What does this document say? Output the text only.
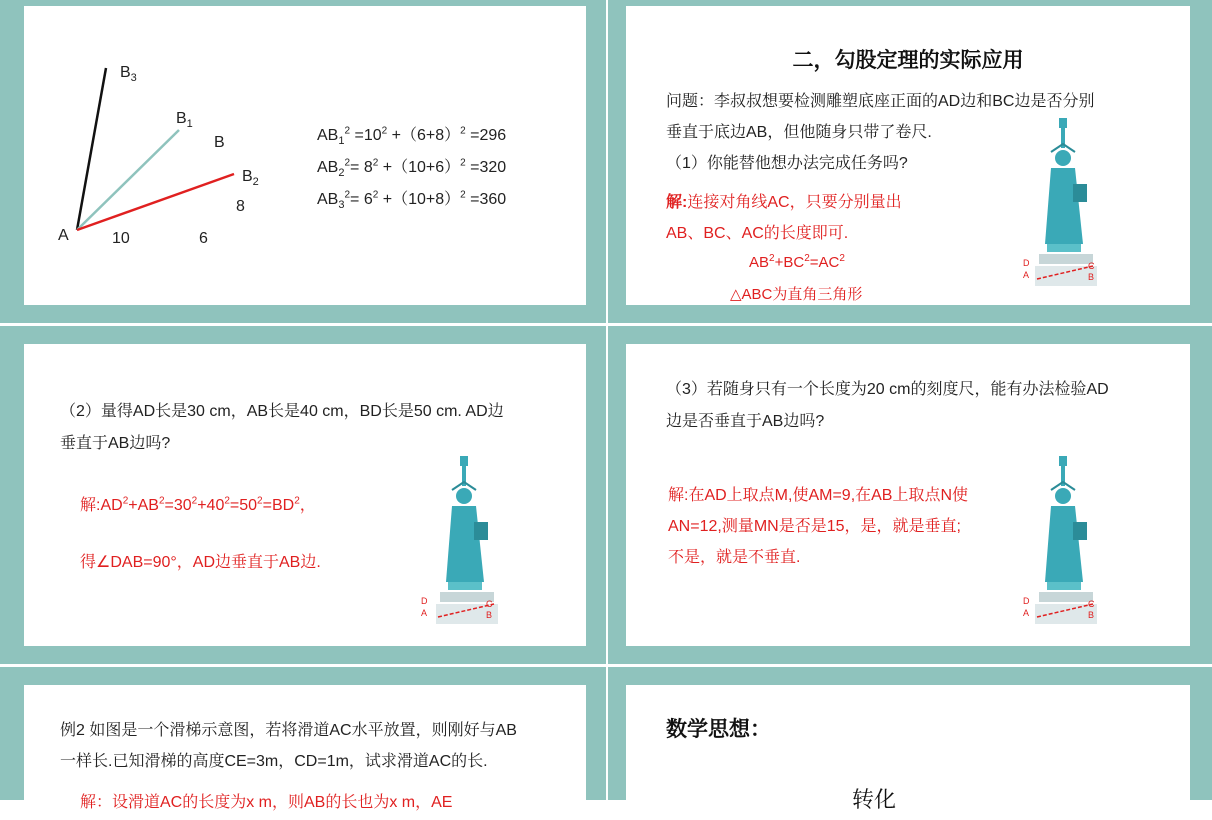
$B_3$
$B_1$
B
$B_2$
8
A	10	6
$AB_1^2 =10^2 +(6+8)^2 =296$
$AB_2^2= 8^2 +(10+6)^2 =320$
$AB_3^2= 6^2 +(10+8)^2 =360$
二，勾股定理的实际应用
问题：李叔叔想要检测雕塑底座正面的AD边和BC边是否分别
垂直于底边AB，但他随身只带了卷尺.
（1）你能替他想办法完成任务吗?
解:连接对角线AC，只要分别量出
AB、BC、AC的长度即可.
$AB^2+BC^2=AC^2$
△ABC为直角三角形
D
A
C
B
（2）量得AD长是30 cm，AB长是40 cm，BD长是50 cm. AD边
垂直于AB边吗?
解$:AD^2+AB^2=30^2+40^2=50^2=BD^2$，
得∠DAB=90°，AD边垂直于AB边.
D
A
C
B
（3）若随身只有一个长度为20 cm的刻度尺，能有办法检验AD
边是否垂直于AB边吗?
解:在AD上取点M,使AM=9,在AB上取点N使
AN=12,测量MN是否是15，是，就是垂直;
不是，就是不垂直.
D
A
C
B
例2 如图是一个滑梯示意图，若将滑道AC水平放置，则刚好与AB
一样长.已知滑梯的高度CE=3m，CD=1m，试求滑道AC的长.
解：设滑道AC的长度为x m，则AB的长也为x m，AE
数学思想：
转化
